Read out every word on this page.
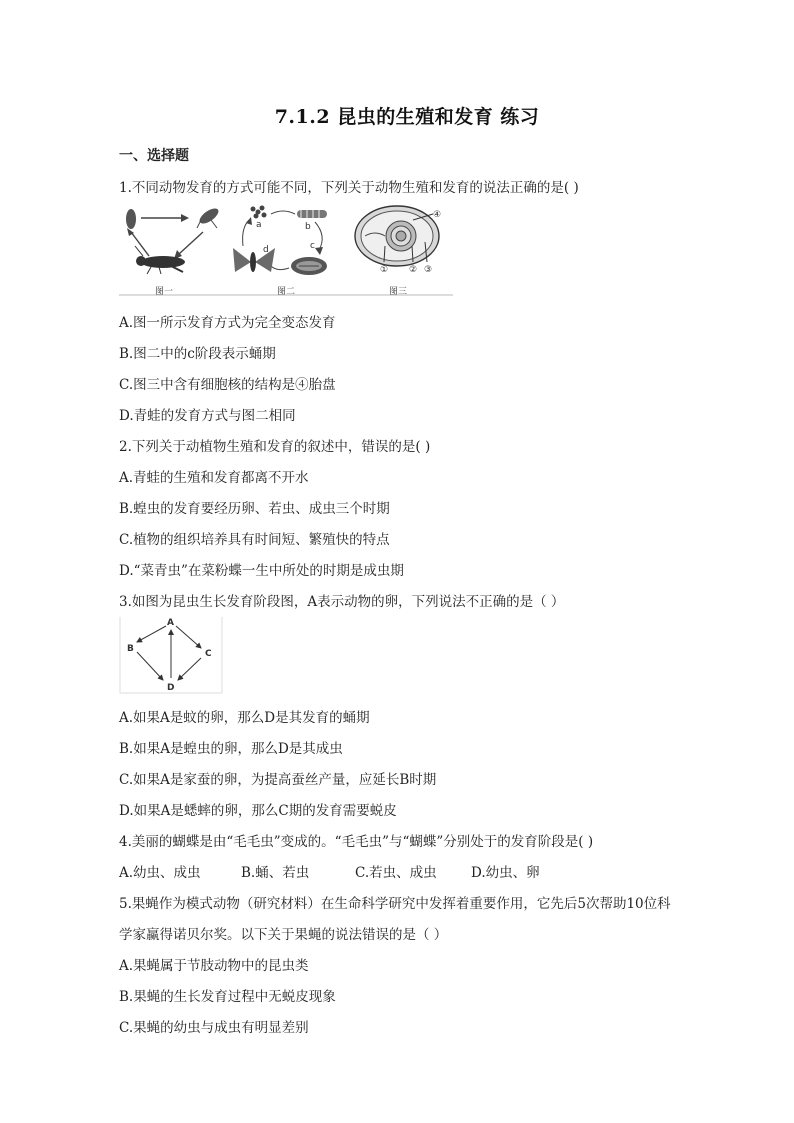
7.1.2 昆虫的生殖和发育 练习
一、选择题
1.不同动物发育的方式可能不同，下列关于动物生殖和发育的说法正确的是( )
图一
a	b
c
d
图二
④
① ② ③
图三
A.图一所示发育方式为完全变态发育
B.图二中的c阶段表示蛹期
C.图三中含有细胞核的结构是④胎盘
D.青蛙的发育方式与图二相同
2.下列关于动植物生殖和发育的叙述中，错误的是( )
A.青蛙的生殖和发育都离不开水
B.蝗虫的发育要经历卵、若虫、成虫三个时期
C.植物的组织培养具有时间短、繁殖快的特点
D.“菜青虫”在菜粉蝶一生中所处的时期是成虫期
3.如图为昆虫生长发育阶段图，A表示动物的卵，下列说法不正确的是（ ）
A
B	C
D
A.如果A是蚊的卵，那么D是其发育的蛹期
B.如果A是蝗虫的卵，那么D是其成虫
C.如果A是家蚕的卵，为提高蚕丝产量，应延长B时期
D.如果A是蟋蟀的卵，那么C期的发育需要蜕皮
4.美丽的蝴蝶是由“毛毛虫”变成的。“毛毛虫”与“蝴蝶”分别处于的发育阶段是( )
A.幼虫、成虫	B.蛹、若虫	C.若虫、成虫	D.幼虫、卵
5.果蝇作为模式动物（研究材料）在生命科学研究中发挥着重要作用，它先后5次帮助10位科
学家赢得诺贝尔奖。以下关于果蝇的说法错误的是（ ）
A.果蝇属于节肢动物中的昆虫类
B.果蝇的生长发育过程中无蜕皮现象
C.果蝇的幼虫与成虫有明显差别
